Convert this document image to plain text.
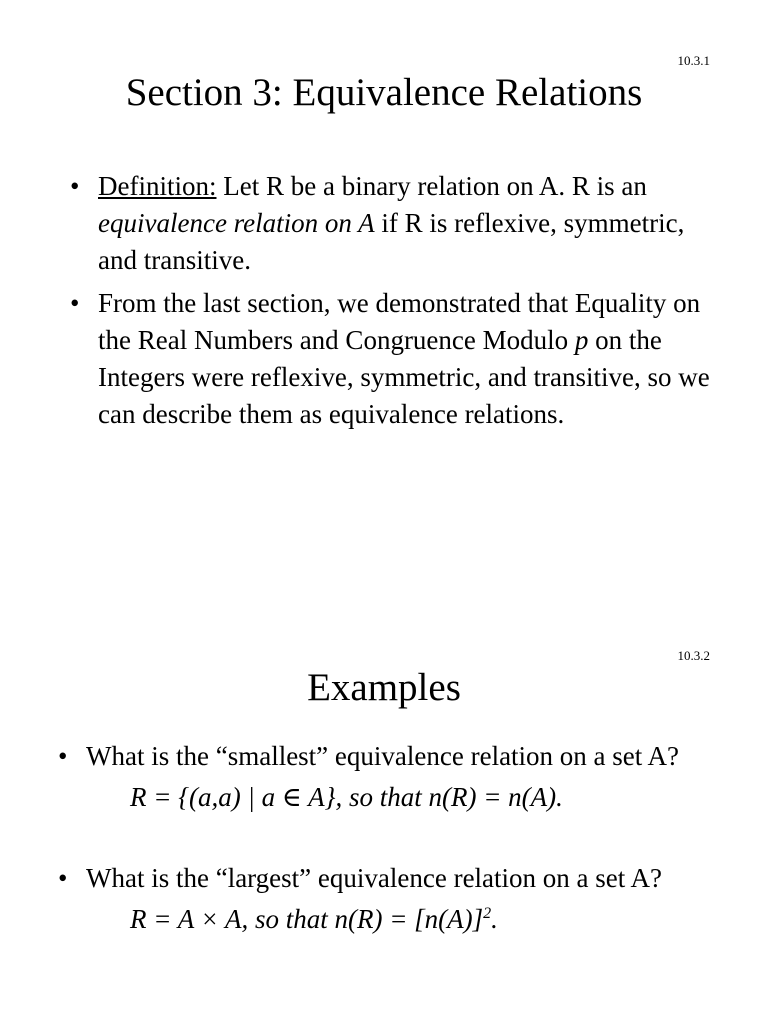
10.3.1
Section 3: Equivalence Relations
• Definition: Let R be a binary relation on A. R is an equivalence relation on A if R is reflexive, symmetric, and transitive.
• From the last section, we demonstrated that Equality on the Real Numbers and Congruence Modulo p on the Integers were reflexive, symmetric, and transitive, so we can describe them as equivalence relations.
10.3.2
Examples
• What is the “smallest” equivalence relation on a set A?
R = {(a,a) | a ∈ A}, so that n(R) = n(A).
• What is the “largest” equivalence relation on a set A?
R = A × A, so that $n(R) = [n(A)]^2$.
